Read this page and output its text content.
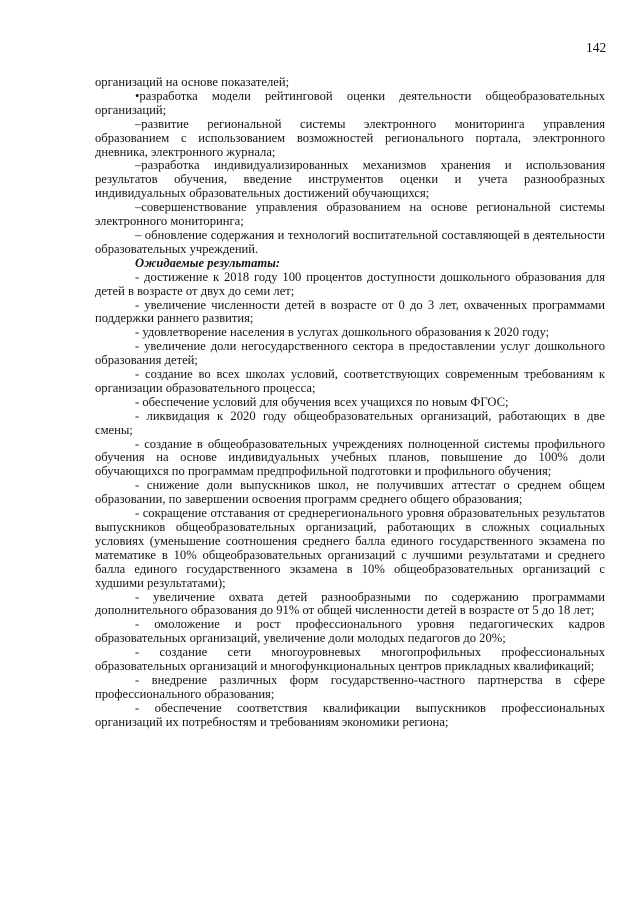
142

организаций на основе показателей;

•разработка модели рейтинговой оценки деятельности общеобразовательных организаций;

–развитие региональной системы электронного мониторинга управления образованием с использованием возможностей регионального портала, электронного дневника, электронного журнала;

–разработка индивидуализированных механизмов хранения и использования результатов обучения, введение инструментов оценки и учета разнообразных индивидуальных образовательных достижений обучающихся;

–совершенствование управления образованием на основе региональной системы электронного мониторинга;

– обновление содержания и технологий воспитательной составляющей в деятельности образовательных учреждений.

Ожидаемые результаты:

- достижение к 2018 году 100 процентов доступности дошкольного образования для детей в возрасте от двух до семи лет;

- увеличение численности детей в возрасте от 0 до 3 лет, охваченных программами поддержки раннего развития;

- удовлетворение населения в услугах дошкольного образования к 2020 году;

- увеличение доли негосударственного сектора в предоставлении услуг дошкольного образования детей;

- создание во всех школах условий, соответствующих современным требованиям к организации образовательного процесса;

- обеспечение условий для обучения всех учащихся по новым ФГОС;

- ликвидация к 2020 году общеобразовательных организаций, работающих в две смены;

- создание в общеобразовательных учреждениях полноценной системы профильного обучения на основе индивидуальных учебных планов, повышение до 100% доли обучающихся по программам предпрофильной подготовки и профильного обучения;

- снижение доли выпускников школ, не получивших аттестат о среднем общем образовании, по завершении освоения программ среднего общего образования;

- сокращение отставания от среднерегионального уровня образовательных результатов выпускников общеобразовательных организаций, работающих в сложных социальных условиях (уменьшение соотношения среднего балла единого государственного экзамена по математике в 10% общеобразовательных организаций с лучшими результатами и среднего балла единого государственного экзамена в 10% общеобразовательных организаций с худшими результатами);

- увеличение охвата детей разнообразными по содержанию программами дополнительного образования до 91% от общей численности детей в возрасте от 5 до 18 лет;

- омоложение и рост профессионального уровня педагогических кадров образовательных организаций, увеличение доли молодых педагогов до 20%;

- создание сети многоуровневых многопрофильных профессиональных образовательных организаций и многофункциональных центров прикладных квалификаций;

- внедрение различных форм государственно-частного партнерства в сфере профессионального образования;

- обеспечение соответствия квалификации выпускников профессиональных организаций их потребностям и требованиям экономики региона;
